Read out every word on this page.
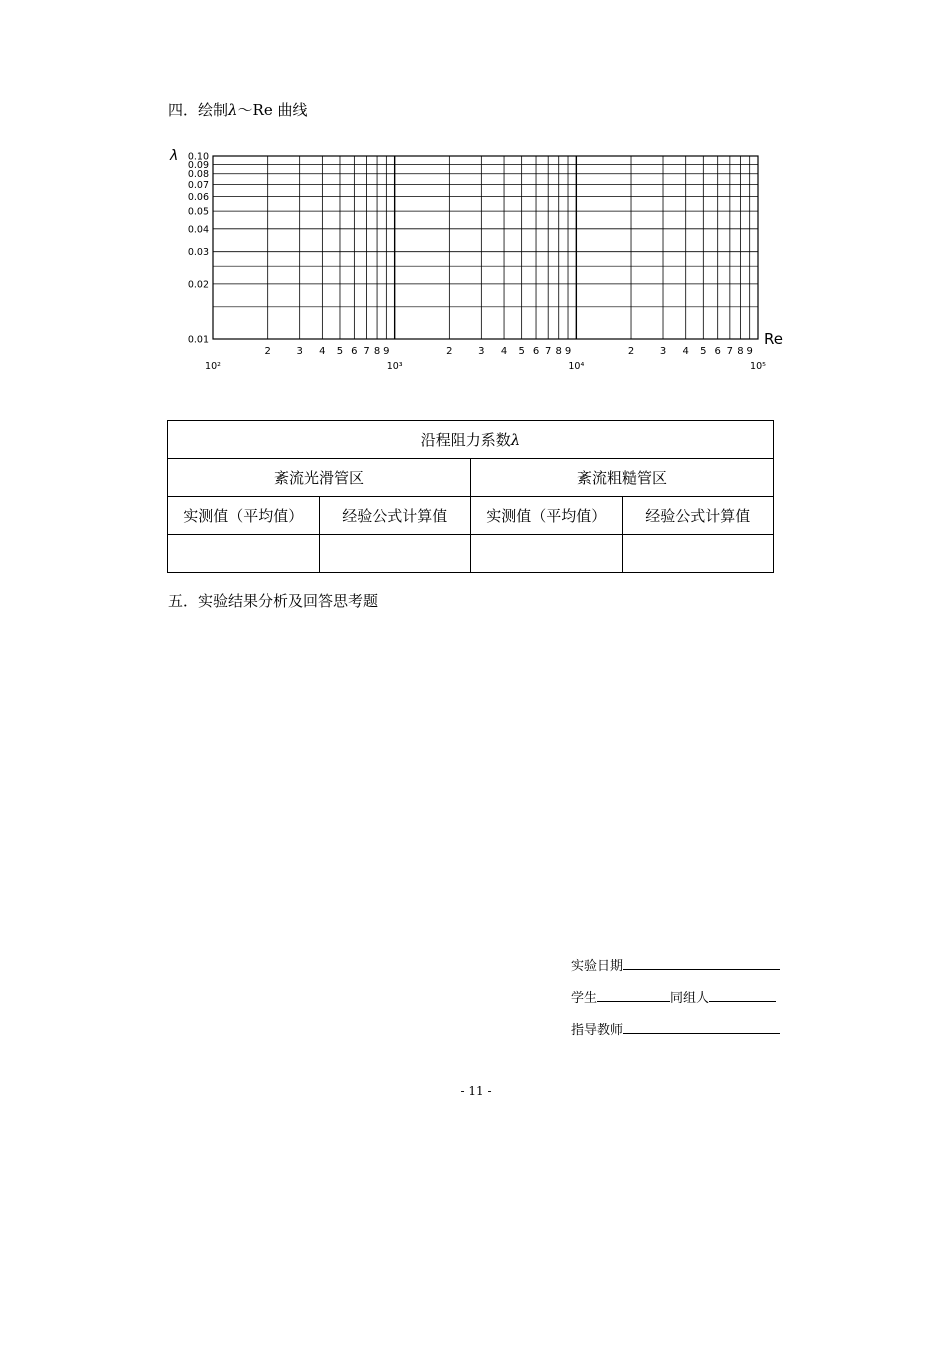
四．绘制λ～Re 曲线
0.10
0.09
0.08
0.07
0.06
0.05
0.04
0.03
0.02
0.01
λ
2	3 4 5 6 7 8 9	2	3 4 5 6 7 8 9	2	3 4 5 6 7 8 9
10²	10³	10⁴	10⁵
Re
沿程阻力系数λ			
紊流光滑管区		紊流粗糙管区	
实测值（平均值）	经验公式计算值	实测值（平均值）	经验公式计算值

五．实验结果分析及回答思考题
实验日期
学生	同组人
指导教师
- 11 -
